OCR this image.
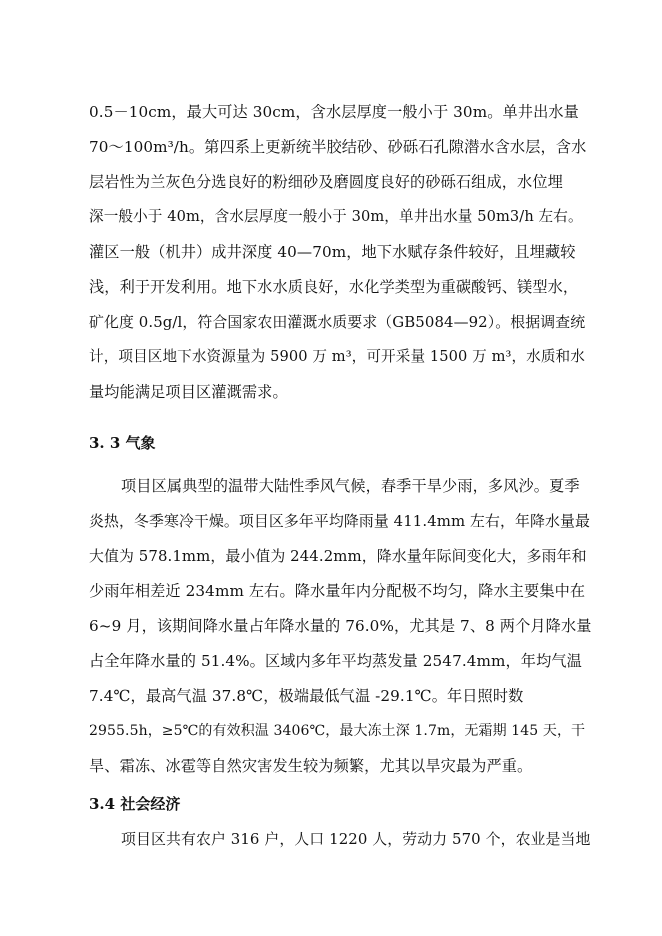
0.5－10cm，最大可达 30cm，含水层厚度一般小于 30m。单井出水量
70～100m³/h。第四系上更新统半胶结砂、砂砾石孔隙潜水含水层，含水
层岩性为兰灰色分选良好的粉细砂及磨圆度良好的砂砾石组成，水位埋
深一般小于 40m，含水层厚度一般小于 30m，单井出水量 50m3/h 左右。
灌区一般（机井）成井深度 40—70m，地下水赋存条件较好，且埋藏较
浅，利于开发利用。地下水水质良好，水化学类型为重碳酸钙、镁型水，
矿化度 0.5g/l，符合国家农田灌溉水质要求（GB5084—92）。根据调查统
计，项目区地下水资源量为 5900 万 m³，可开采量 1500 万 m³，水质和水
量均能满足项目区灌溉需求。
3. 3 气象
项目区属典型的温带大陆性季风气候，春季干旱少雨，多风沙。夏季
炎热，冬季寒冷干燥。项目区多年平均降雨量 411.4mm 左右，年降水量最
大值为 578.1mm，最小值为 244.2mm，降水量年际间变化大，多雨年和
少雨年相差近 234mm 左右。降水量年内分配极不均匀，降水主要集中在
6~9 月，该期间降水量占年降水量的 76.0%，尤其是 7、8 两个月降水量
占全年降水量的 51.4%。区域内多年平均蒸发量 2547.4mm，年均气温
7.4℃，最高气温 37.8℃，极端最低气温 -29.1℃。年日照时数
2955.5h，≥5℃的有效积温 3406℃，最大冻土深 1.7m，无霜期 145 天，干
旱、霜冻、冰雹等自然灾害发生较为频繁，尤其以旱灾最为严重。
3.4 社会经济
项目区共有农户 316 户，人口 1220 人，劳动力 570 个，农业是当地
